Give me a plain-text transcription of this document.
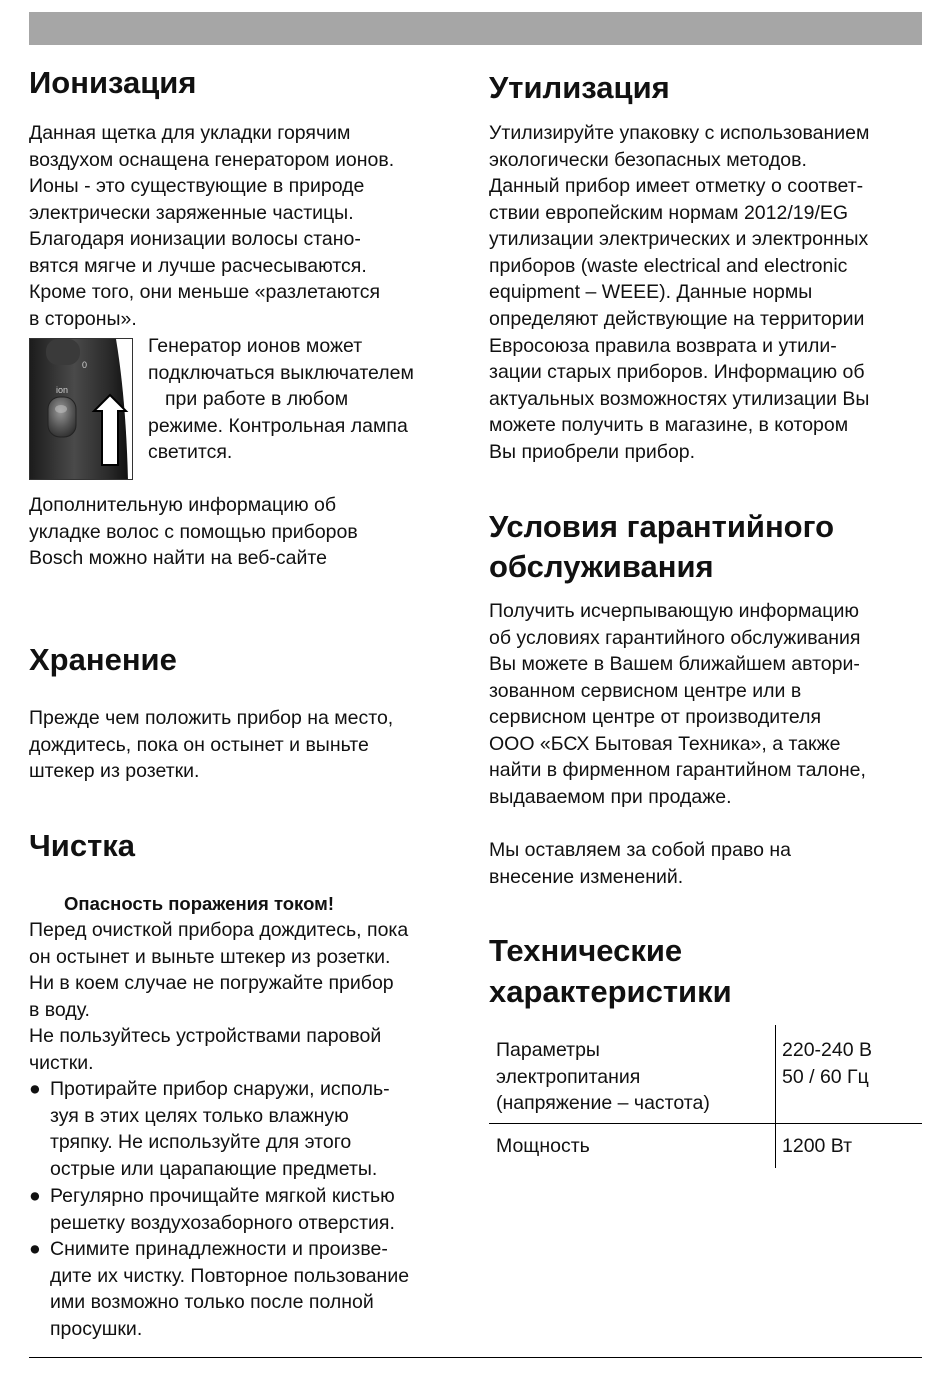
Ионизация

Данная щетка для укладки горячим

воздухом оснащена генератором ионов.

Ионы - это существующие в природе

электрически заряженные частицы.

Благодаря ионизации волосы стано-

вятся мягче и лучше расчесываются.

Кроме того, они меньше «разлетаются

в стороны».

Генератор ионов может

подключаться выключателем

при работе в любом

режиме. Контрольная лампа

светится.

Дополнительную информацию об

укладке волос с помощью приборов

Bosch можно найти на веб-сайте

Хранение

Прежде чем положить прибор на место,

дождитесь, пока он остынет и выньте

штекер из розетки.

Чистка

Опасность поражения током!

Перед очисткой прибора дождитесь, пока

он остынет и выньте штекер из розетки.

Ни в коем случае не погружайте прибор

в воду.

Не пользуйтесь устройствами паровой

чистки.

● Протирайте прибор снаружи, исполь-
зуя в этих целях только влажную
тряпку. Не используйте для этого
острые или царапающие предметы.
● Регулярно прочищайте мягкой кистью
решетку воздухозаборного отверстия.
● Снимите принадлежности и произве-
дите их чистку. Повторное пользование
ими возможно только после полной
просушки.
0
ion
Утилизация

Утилизируйте упаковку с использованием

экологически безопасных методов.

Данный прибор имеет отметку о соответ-

ствии европейским нормам 2012/19/EG

утилизации электрических и электронных

приборов (waste electrical and electronic

equipment – WEEE). Данные нормы

определяют действующие на территории

Евросоюза правила возврата и утили-

зации старых приборов. Информацию об

актуальных возможностях утилизации Вы

можете получить в магазине, в котором

Вы приобрели прибор.

Условия гарантийного
обслуживания

Получить исчерпывающую информацию

об условиях гарантийного обслуживания

Вы можете в Вашем ближайшем автори-

зованном сервисном центре или в

сервисном центре от производителя

ООО «БСХ Бытовая Техника», а также

найти в фирменном гарантийном талоне,

выдаваемом при продаже.

Мы оставляем за собой право на

внесение изменений.

Технические
характеристики

Параметры

электропитания

(напряжение – частота)

220-240 В

50 / 60 Гц

Мощность	1200 Вт
